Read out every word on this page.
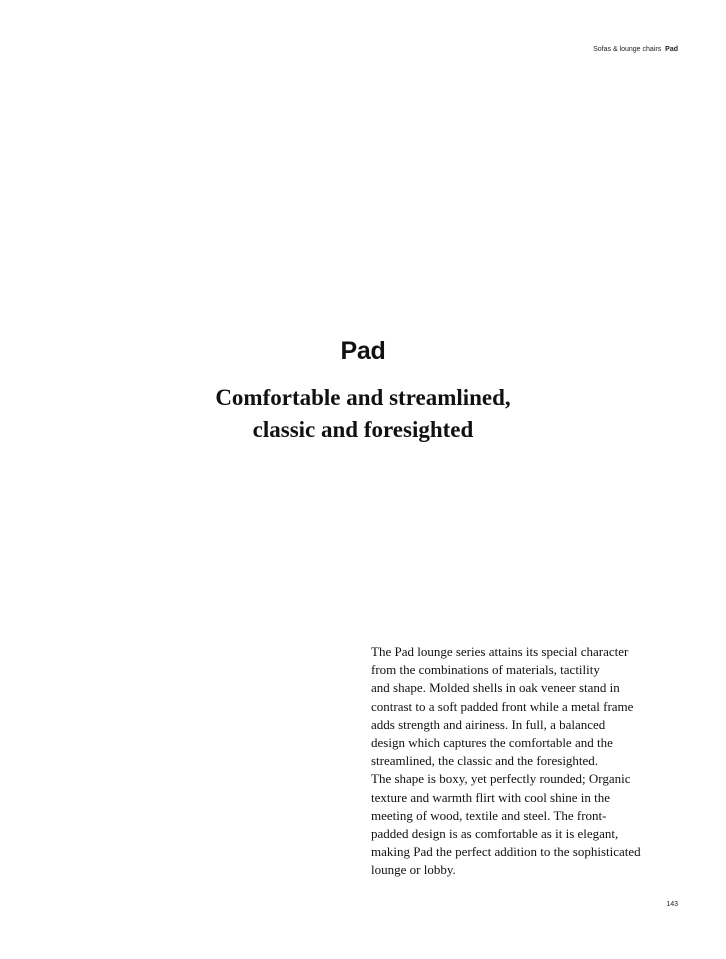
Sofas & lounge chairs Pad
Pad
Comfortable and streamlined,
classic and foresighted

The Pad lounge series attains its special character
from the combinations of materials, tactility
and shape. Molded shells in oak veneer stand in
contrast to a soft padded front while a metal frame
adds strength and airiness. In full, a balanced
design which captures the comfortable and the
streamlined, the classic and the foresighted.
The shape is boxy, yet perfectly rounded; Organic
texture and warmth flirt with cool shine in the
meeting of wood, textile and steel. The front-
padded design is as comfortable as it is elegant,
making Pad the perfect addition to the sophisticated
lounge or lobby.

143
